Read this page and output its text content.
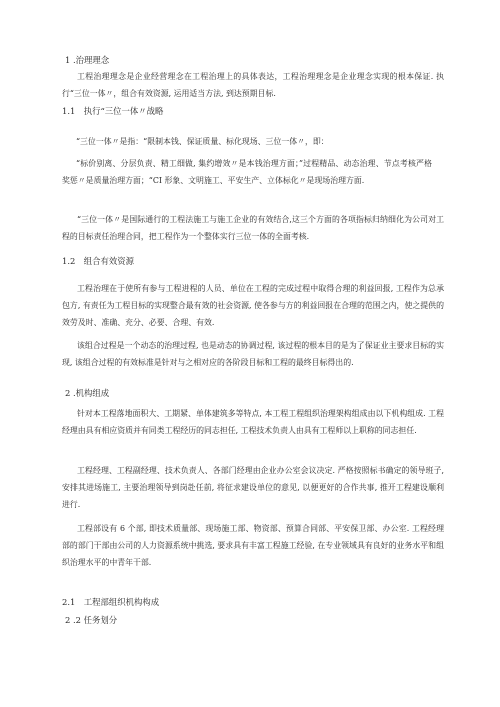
1 .治理理念
工程治理理念是企业经营理念在工程治理上的具体表达，工程治理理念是企业理念实现的根本保证. 执行“三位一体〃，组合有效资源, 运用适当方法, 到达预期目标.
1.1　执行“三位一体〃战略
“三位一体〃是指：“限制本钱、保证质量、标化现场、三位一体〃，即：
“标价别离、分层负责、精工细做, 集约增效〃是本钱治理方面；”过程精品、动态治理、节点考核严格奖惩〃是质量治理方面；“CI 形象、文明施工、平安生产、立体标化〃是现场治理方面.
“三位一体〃是国际通行的工程法施工与施工企业的有效结合,这三个方面的各项指标归纳细化为公司对工程的目标责任治理合同，把工程作为一个整体实行三位一体的全面考核.
1.2　组合有效资源
工程治理在于使所有参与工程进程的人员、单位在工程的完成过程中取得合理的利益回报, 工程作为总承包方, 有责任为工程目标的实现整合最有效的社会资源, 使各参与方的利益回报在合理的范围之内，使之提供的效劳及时、准确、充分、必要、合理、有效.
该组合过程是一个动态的治理过程, 也是动态的协调过程, 该过程的根本目的是为了保证业主要求目标的实现, 该组合过程的有效标准是针对与之相对应的各阶段目标和工程的最终目标得出的.
2 .机构组成
针对本工程落地面积大、工期紧、单体建筑多等特点, 本工程工程组织治理架构组成由以下机构组成. 工程经理由具有相应资质并有同类工程经历的同志担任, 工程技术负责人由具有工程师以上职称的同志担任.
工程经理、工程副经理、技术负责人、各部门经理由企业办公室会议决定. 严格按照标书确定的领导班子, 安排其进场施工, 主要治理领导到岗赴任前, 将征求建设单位的意见, 以便更好的合作共事, 推开工程建设顺利进行.
工程部设有 6 个部, 即技术质量部、现场施工部、物资部、预算合同部、平安保卫部、办公室. 工程经理部的部门干部由公司的人力资源系统中挑选, 要求具有丰富工程施工经验, 在专业领域具有良好的业务水平和组织治理水平的中青年干部.
2.1　工程部组织机构构成
2 .2 任务划分
